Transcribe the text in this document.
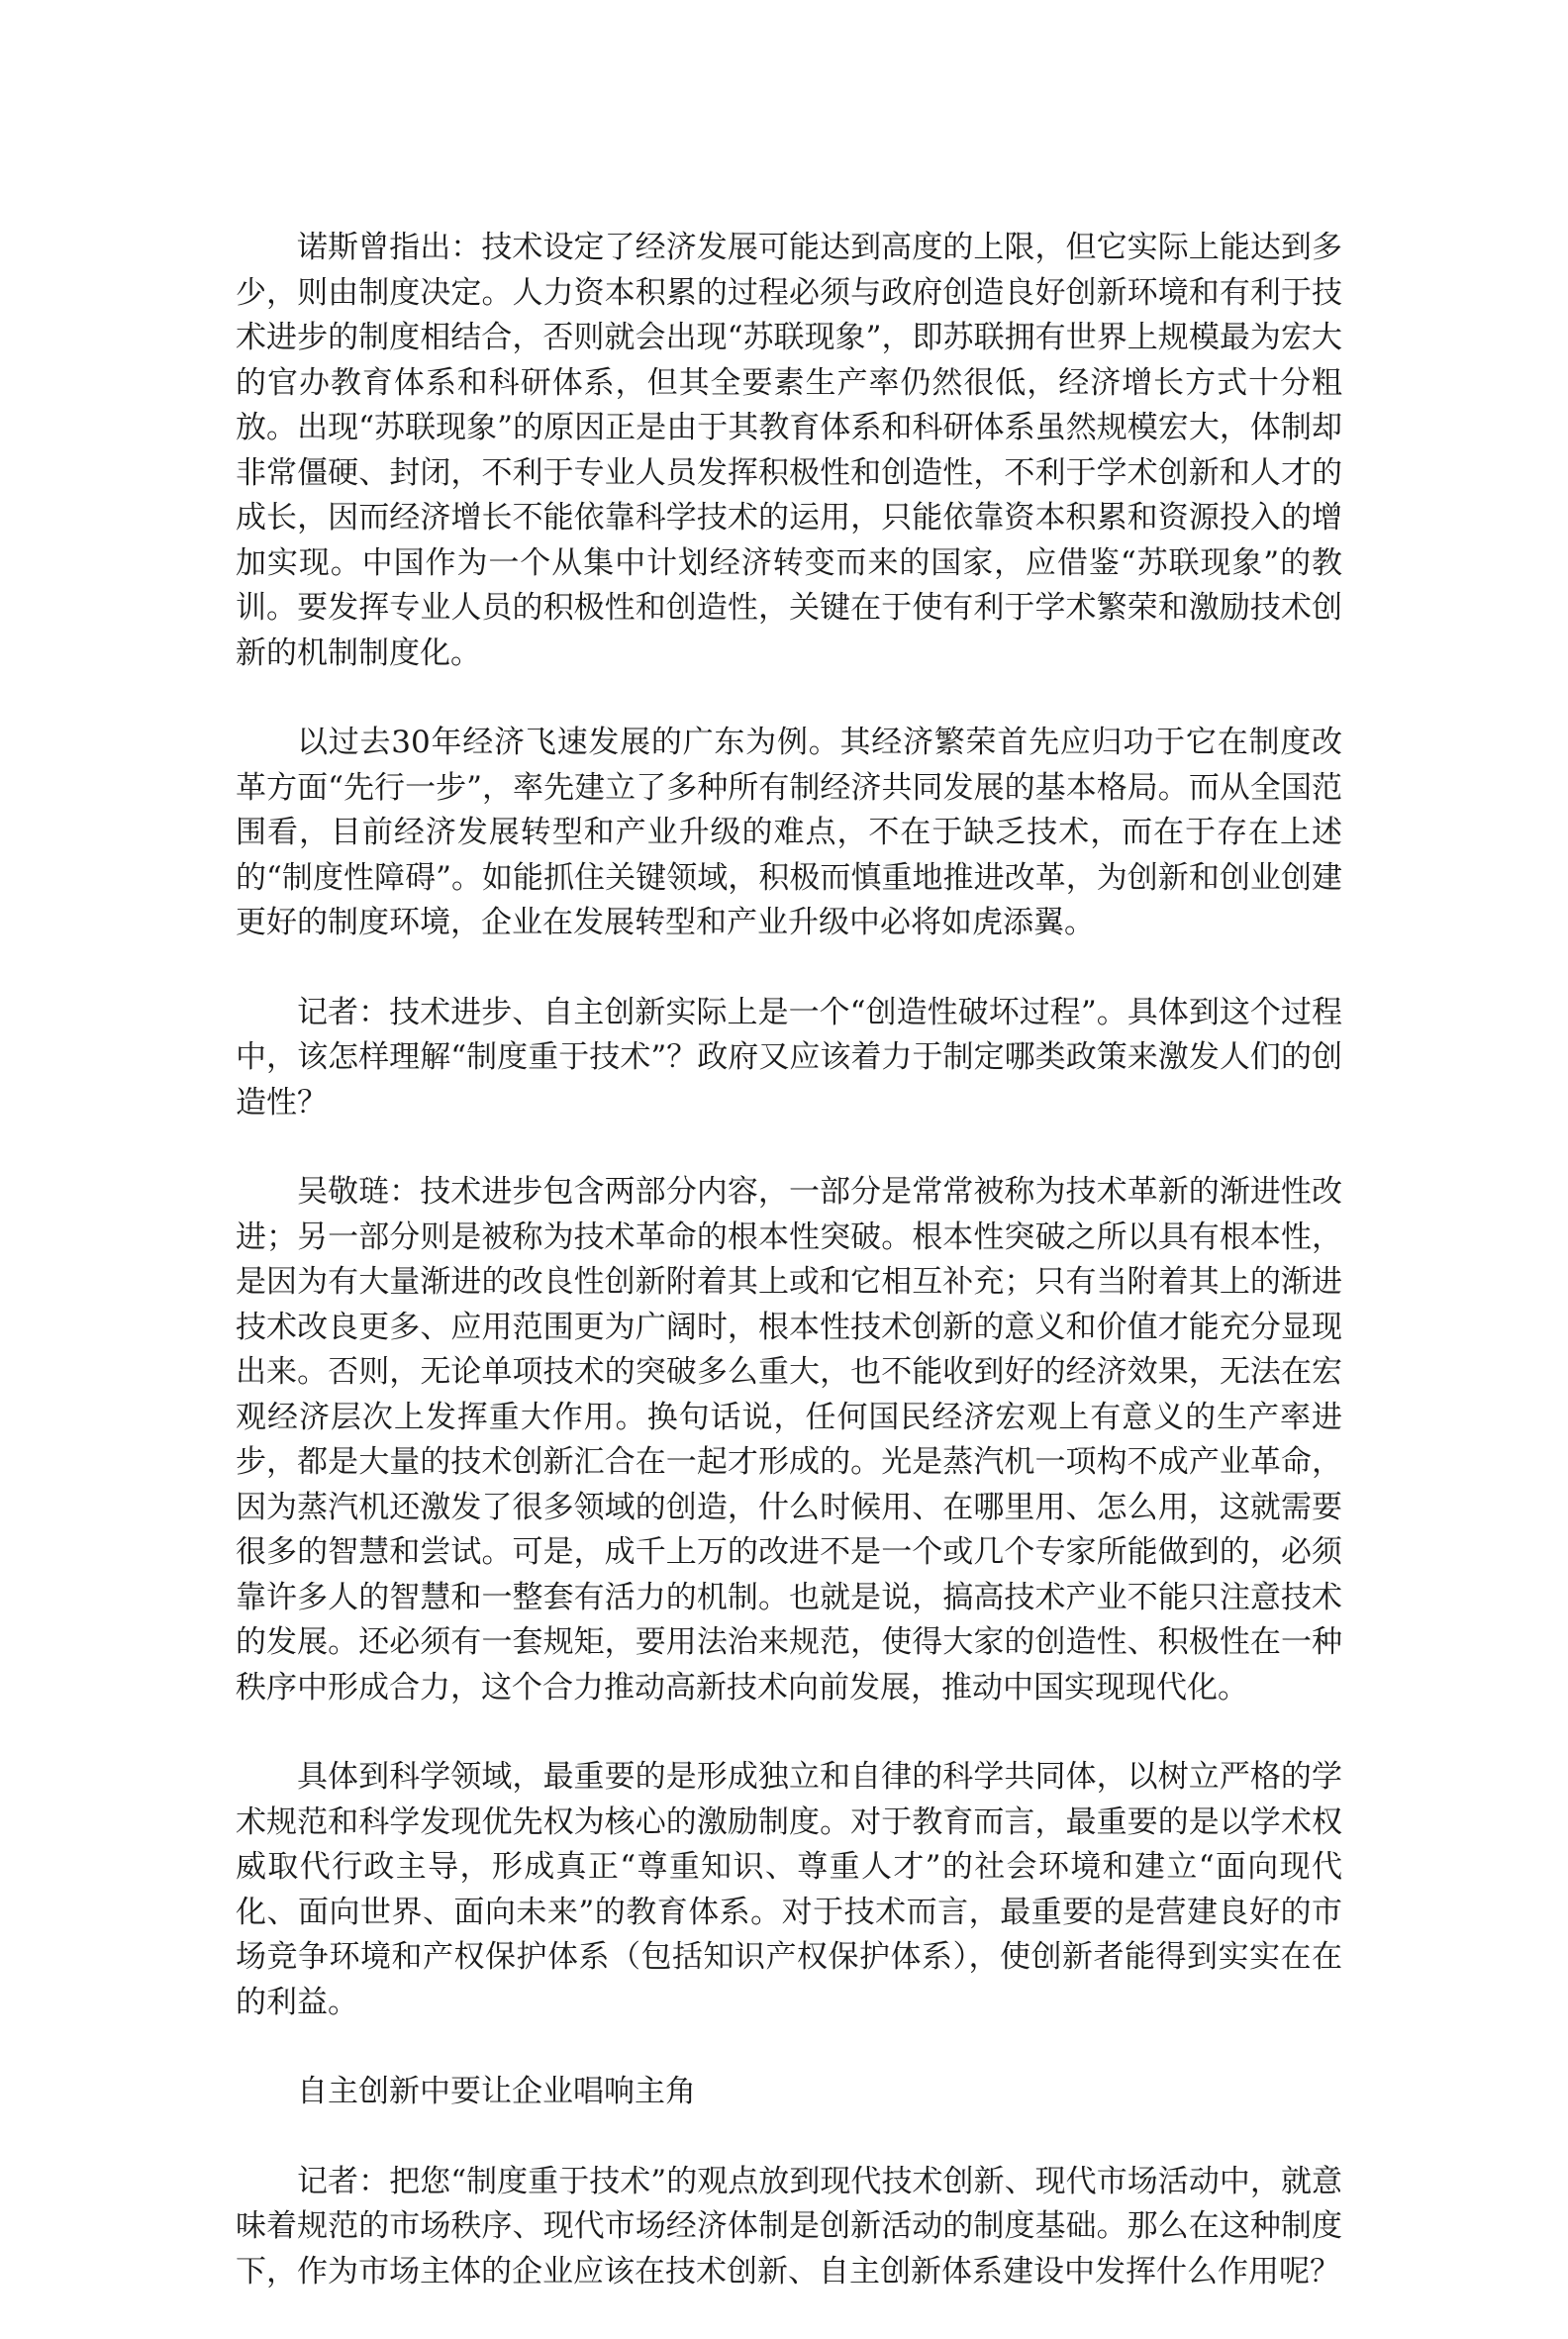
诺斯曾指出：技术设定了经济发展可能达到高度的上限，但它实际上能达到多少，则由制度决定。人力资本积累的过程必须与政府创造良好创新环境和有利于技术进步的制度相结合，否则就会出现“苏联现象”，即苏联拥有世界上规模最为宏大的官办教育体系和科研体系，但其全要素生产率仍然很低，经济增长方式十分粗放。出现“苏联现象”的原因正是由于其教育体系和科研体系虽然规模宏大，体制却非常僵硬、封闭，不利于专业人员发挥积极性和创造性，不利于学术创新和人才的成长，因而经济增长不能依靠科学技术的运用，只能依靠资本积累和资源投入的增加实现。中国作为一个从集中计划经济转变而来的国家，应借鉴“苏联现象”的教训。要发挥专业人员的积极性和创造性，关键在于使有利于学术繁荣和激励技术创新的机制制度化。

以过去30年经济飞速发展的广东为例。其经济繁荣首先应归功于它在制度改革方面“先行一步”，率先建立了多种所有制经济共同发展的基本格局。而从全国范围看，目前经济发展转型和产业升级的难点，不在于缺乏技术，而在于存在上述的“制度性障碍”。如能抓住关键领域，积极而慎重地推进改革，为创新和创业创建更好的制度环境，企业在发展转型和产业升级中必将如虎添翼。

记者：技术进步、自主创新实际上是一个“创造性破坏过程”。具体到这个过程中，该怎样理解“制度重于技术”？政府又应该着力于制定哪类政策来激发人们的创造性？

吴敬琏：技术进步包含两部分内容，一部分是常常被称为技术革新的渐进性改进；另一部分则是被称为技术革命的根本性突破。根本性突破之所以具有根本性，是因为有大量渐进的改良性创新附着其上或和它相互补充；只有当附着其上的渐进技术改良更多、应用范围更为广阔时，根本性技术创新的意义和价值才能充分显现出来。否则，无论单项技术的突破多么重大，也不能收到好的经济效果，无法在宏观经济层次上发挥重大作用。换句话说，任何国民经济宏观上有意义的生产率进步，都是大量的技术创新汇合在一起才形成的。光是蒸汽机一项构不成产业革命，因为蒸汽机还激发了很多领域的创造，什么时候用、在哪里用、怎么用，这就需要很多的智慧和尝试。可是，成千上万的改进不是一个或几个专家所能做到的，必须靠许多人的智慧和一整套有活力的机制。也就是说，搞高技术产业不能只注意技术的发展。还必须有一套规矩，要用法治来规范，使得大家的创造性、积极性在一种秩序中形成合力，这个合力推动高新技术向前发展，推动中国实现现代化。

具体到科学领域，最重要的是形成独立和自律的科学共同体，以树立严格的学术规范和科学发现优先权为核心的激励制度。对于教育而言，最重要的是以学术权威取代行政主导，形成真正“尊重知识、尊重人才”的社会环境和建立“面向现代化、面向世界、面向未来”的教育体系。对于技术而言，最重要的是营建良好的市场竞争环境和产权保护体系（包括知识产权保护体系），使创新者能得到实实在在的利益。

自主创新中要让企业唱响主角

记者：把您“制度重于技术”的观点放到现代技术创新、现代市场活动中，就意味着规范的市场秩序、现代市场经济体制是创新活动的制度基础。那么在这种制度下，作为市场主体的企业应该在技术创新、自主创新体系建设中发挥什么作用呢？
